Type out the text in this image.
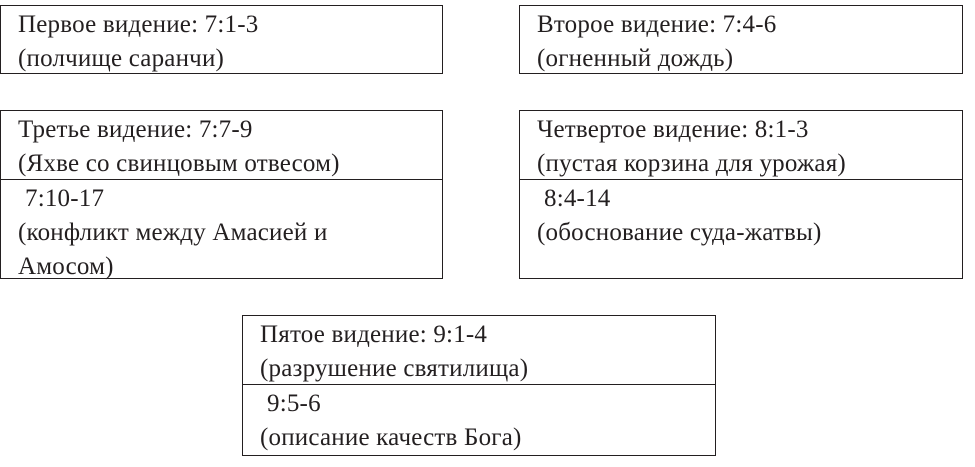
Первое видение: 7:1-3
(полчище саранчи)
Второе видение: 7:4-6
(огненный дождь)
Третье видение: 7:7-9
(Яхве со свинцовым отвесом)
7:10-17
(конфликт между Амасией и Амосом)
Четвертое видение: 8:1-3
(пустая корзина для урожая)
8:4-14
(обоснование суда-жатвы)
Пятое видение: 9:1-4
(разрушение святилища)
9:5-6
(описание качеств Бога)
